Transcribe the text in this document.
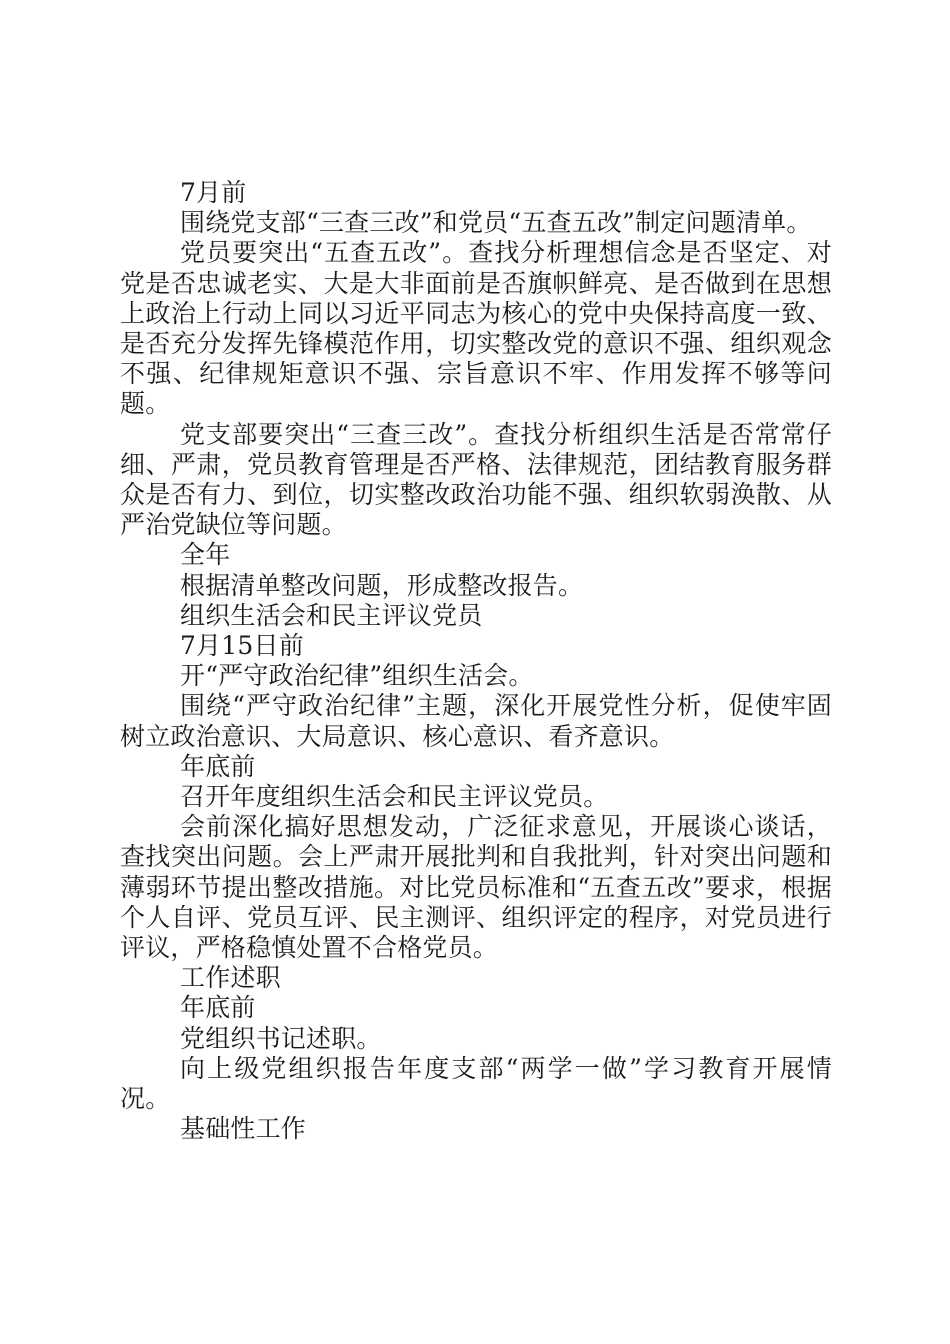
7月前

围绕党支部“三查三改”和党员“五查五改”制定问题清单。

党员要突出“五查五改”。查找分析理想信念是否坚定、对党是否忠诚老实、大是大非面前是否旗帜鲜亮、是否做到在思想上政治上行动上同以习近平同志为核心的党中央保持高度一致、是否充分发挥先锋模范作用，切实整改党的意识不强、组织观念不强、纪律规矩意识不强、宗旨意识不牢、作用发挥不够等问题。

党支部要突出“三查三改”。查找分析组织生活是否常常仔细、严肃，党员教育管理是否严格、法律规范，团结教育服务群众是否有力、到位，切实整改政治功能不强、组织软弱涣散、从严治党缺位等问题。

全年

根据清单整改问题，形成整改报告。

组织生活会和民主评议党员

7月15日前

开“严守政治纪律”组织生活会。

围绕“严守政治纪律”主题，深化开展党性分析，促使牢固树立政治意识、大局意识、核心意识、看齐意识。

年底前

召开年度组织生活会和民主评议党员。

会前深化搞好思想发动，广泛征求意见，开展谈心谈话，查找突出问题。会上严肃开展批判和自我批判，针对突出问题和薄弱环节提出整改措施。对比党员标准和“五查五改”要求，根据个人自评、党员互评、民主测评、组织评定的程序，对党员进行评议，严格稳慎处置不合格党员。

工作述职

年底前

党组织书记述职。

向上级党组织报告年度支部“两学一做”学习教育开展情况。

基础性工作
